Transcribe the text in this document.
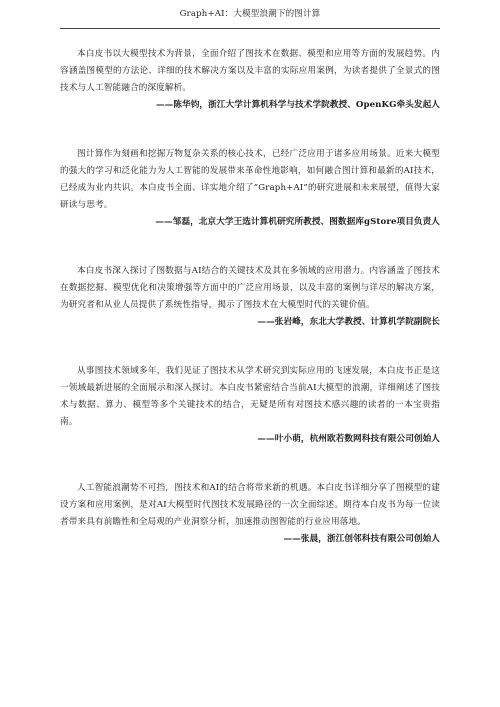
Graph+AI：大模型浪潮下的图计算

本白皮书以大模型技术为背景，全面介绍了图技术在数据、模型和应用等方面的发展趋势。内容涵盖图模型的方法论、详细的技术解决方案以及丰富的实际应用案例，为读者提供了全景式的图技术与人工智能融合的深度解析。

——陈华钧，浙江大学计算机科学与技术学院教授、OpenKG牵头发起人

图计算作为刻画和挖掘万物复杂关系的核心技术，已经广泛应用于诸多应用场景。近来大模型的强大的学习和泛化能力为人工智能的发展带来革命性地影响，如何融合图计算和最新的AI技术，已经成为业内共识。本白皮书全面、详实地介绍了“Graph+AI”的研究进展和未来展望，值得大家研读与思考。

——邹磊，北京大学王选计算机研究所教授、图数据库gStore项目负责人

本白皮书深入探讨了图数据与AI结合的关键技术及其在多领域的应用潜力。内容涵盖了图技术在数据挖掘、模型优化和决策增强等方面中的广泛应用场景，以及丰富的案例与详尽的解决方案，为研究者和从业人员提供了系统性指导，揭示了图技术在大模型时代的关键价值。

——张岩峰，东北大学教授、计算机学院副院长

从事图技术领域多年，我们见证了图技术从学术研究到实际应用的飞速发展，本白皮书正是这一领域最新进展的全面展示和深入探讨。本白皮书紧密结合当前AI大模型的浪潮，详细阐述了图技术与数据、算力、模型等多个关键技术的结合，无疑是所有对图技术感兴趣的读者的一本宝贵指南。

——叶小萌，杭州欧若数网科技有限公司创始人

人工智能浪潮势不可挡，图技术和AI的结合将带来新的机遇。本白皮书详细分享了图模型的建设方案和应用案例，是对AI大模型时代图技术发展路径的一次全面综述。期待本白皮书为每一位读者带来具有前瞻性和全局观的产业洞察分析，加速推动图智能的行业应用落地。

——张晨，浙江创邻科技有限公司创始人
